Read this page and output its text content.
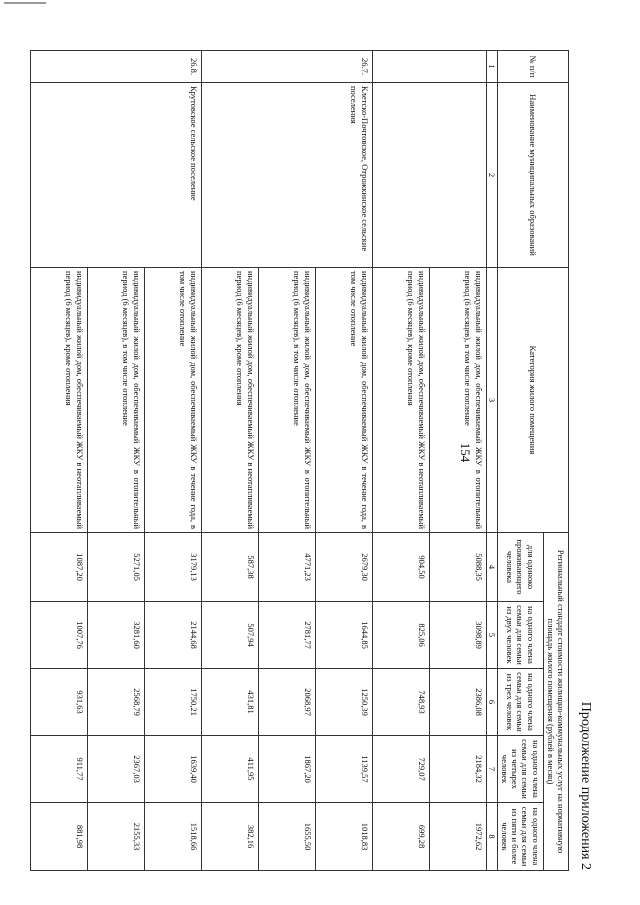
154
Продолжение приложения 2
№ п/п	Наименование муниципальных образований	Категория жилого помещения	Региональный стандарт стоимости жилищно-коммунальных услуг на нормативную площадь жилого помещения (рублей в месяц)				
			для одиноко проживающего человека	на одного члена семьи для семьи из двух человек	на одного члена семьи для семьи из трех человек	на одного члена семьи для семьи из четырех человек	на одного члена семьи для семьи из пяти и более человек
1	2	3	4	5	6	7	8
		индивидуальный жилой дом, обеспечиваемый ЖКУ в отопительный период (6 месяцев), в том числе отопление	5088,35	3098,89	2386,08	2184,32	1972,62
		индивидуальный жилой дом, обеспечиваемый ЖКУ в неотапливаемый период (6 месяцев), кроме отопления	904,50	825,06	748,93	729,07	699,28
26.7.	Клетско-Почтовское, Отрожкинское сельские поселения	индивидуальный жилой дом, обеспечиваемый ЖКУ в течение года, в том числе отопление	2679,30	1644,85	1250,39	1139,57	1018,83
		индивидуальный жилой дом, обеспечиваемый ЖКУ в отопительный период (6 месяцев), в том числе отопление	4771,23	2781,77	2068,97	1867,20	1655,50
		индивидуальный жилой дом, обеспечиваемый ЖКУ в неотапливаемый период (6 месяцев), кроме отопления	587,38	507,94	431,81	411,95	382,16
26.8.	Крутовское сельское поселение	индивидуальный жилой дом, обеспечиваемый ЖКУ в течение года, в том числе отопление	3179,13	2144,68	1750,21	1639,40	1518,66
		индивидуальный жилой дом, обеспечиваемый ЖКУ в отопительный период (6 месяцев), в том числе отопление	5271,05	3281,60	2568,79	2367,03	2155,33
		индивидуальный жилой дом, обеспечиваемый ЖКУ в неотапливаемый период (6 месяцев), кроме отопления	1087,20	1007,76	931,63	911,77	881,98
